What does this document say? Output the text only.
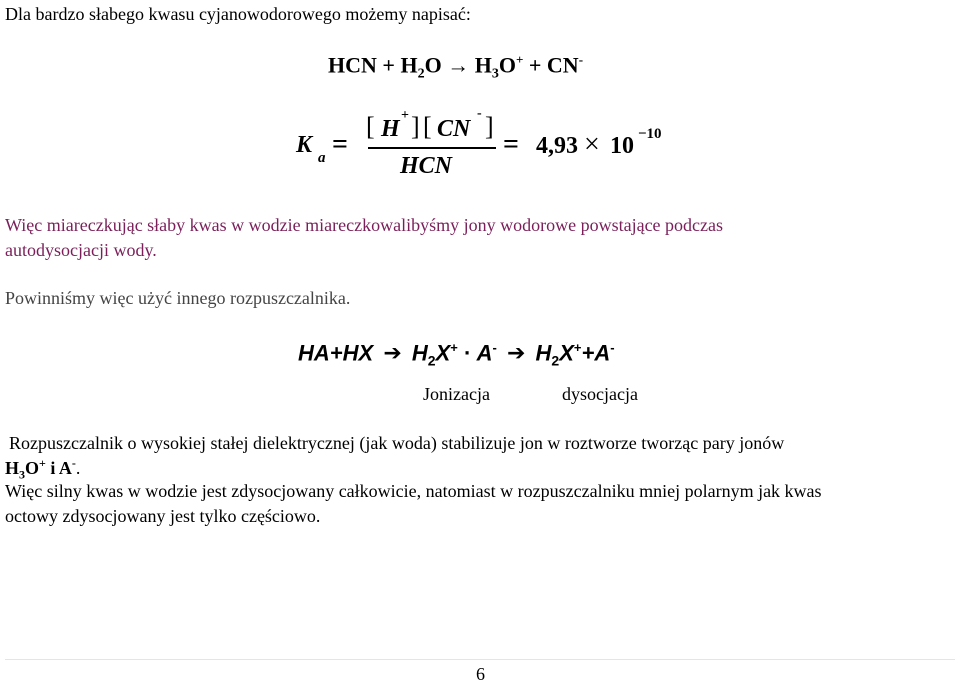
Dla bardzo słabego kwasu cyjanowodorowego możemy napisać:
HCN + $H_2O \to H_3O^+ + CN^-$
K a =
[ H
+ ] [ CN
- ]
HCN
= 4,93 × 10 −10
Więc miareczkując słaby kwas w wodzie miareczkowalibyśmy jony wodorowe powstające podczas
autodysocjacji wody.
Powinniśmy więc użyć innego rozpuszczalnika.
HA+HX ➔ $H_2X^+ \cdot A^-$ ➔ $H_2X^++A^-$
Jonizacja	dysocjacja
Rozpuszczalnik o wysokiej stałej dielektrycznej (jak woda) stabilizuje jon w roztworze tworząc pary jonów
$H_3O^+$ i A-.
Więc silny kwas w wodzie jest zdysocjowany całkowicie, natomiast w rozpuszczalniku mniej polarnym jak kwas
octowy zdysocjowany jest tylko częściowo.
6
